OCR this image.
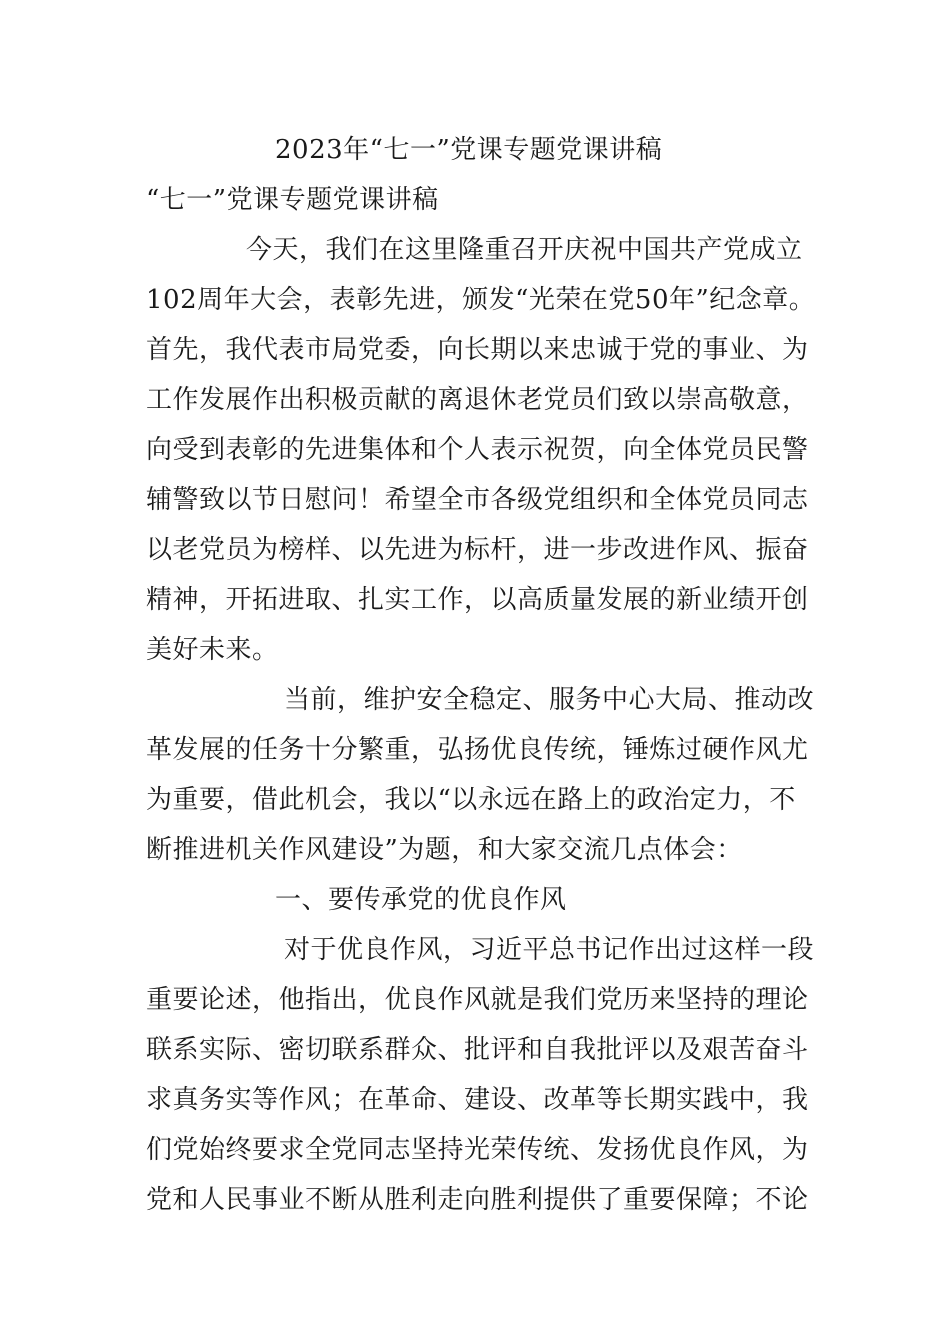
2023年“七一”党课专题党课讲稿
“七一”党课专题党课讲稿
今天，我们在这里隆重召开庆祝中国共产党成立
102周年大会，表彰先进，颁发“光荣在党50年”纪念章。
首先，我代表市局党委，向长期以来忠诚于党的事业、为
工作发展作出积极贡献的离退休老党员们致以崇高敬意，
向受到表彰的先进集体和个人表示祝贺，向全体党员民警
辅警致以节日慰问！希望全市各级党组织和全体党员同志
以老党员为榜样、以先进为标杆，进一步改进作风、振奋
精神，开拓进取、扎实工作，以高质量发展的新业绩开创
美好未来。
当前，维护安全稳定、服务中心大局、推动改
革发展的任务十分繁重，弘扬优良传统，锤炼过硬作风尤
为重要，借此机会，我以“以永远在路上的政治定力，不
断推进机关作风建设”为题，和大家交流几点体会：
一、要传承党的优良作风
对于优良作风，习近平总书记作出过这样一段
重要论述，他指出，优良作风就是我们党历来坚持的理论
联系实际、密切联系群众、批评和自我批评以及艰苦奋斗
求真务实等作风；在革命、建设、改革等长期实践中，我
们党始终要求全党同志坚持光荣传统、发扬优良作风，为
党和人民事业不断从胜利走向胜利提供了重要保障；不论
